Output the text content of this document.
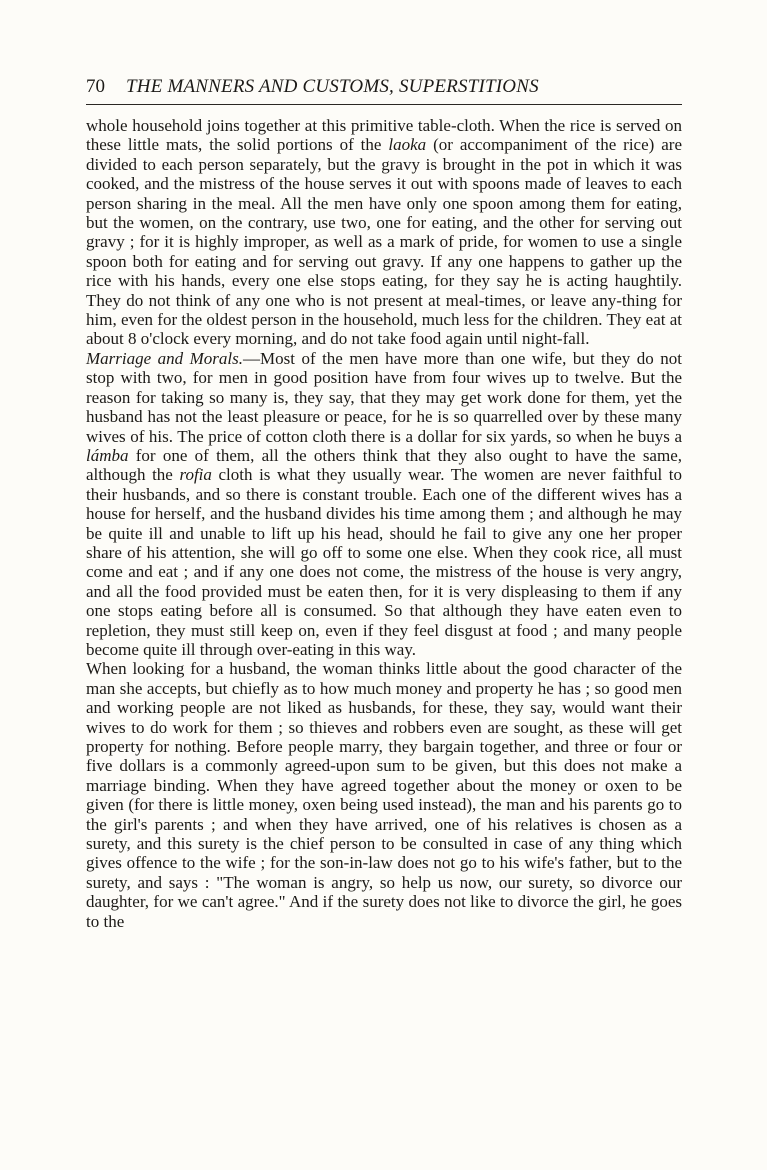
70	THE MANNERS AND CUSTOMS, SUPERSTITIONS

whole household joins together at this primitive table-cloth. When the rice is served on these little mats, the solid portions of the laoka (or accompaniment of the rice) are divided to each person separately, but the gravy is brought in the pot in which it was cooked, and the mistress of the house serves it out with spoons made of leaves to each person sharing in the meal. All the men have only one spoon among them for eating, but the women, on the contrary, use two, one for eating, and the other for serving out gravy ; for it is highly improper, as well as a mark of pride, for women to use a single spoon both for eating and for serving out gravy. If any one happens to gather up the rice with his hands, every one else stops eating, for they say he is acting haughtily. They do not think of any one who is not present at meal-times, or leave any-thing for him, even for the oldest person in the household, much less for the children. They eat at about 8 o'clock every morning, and do not take food again until night-fall.

Marriage and Morals.—Most of the men have more than one wife, but they do not stop with two, for men in good position have from four wives up to twelve. But the reason for taking so many is, they say, that they may get work done for them, yet the husband has not the least pleasure or peace, for he is so quarrelled over by these many wives of his. The price of cotton cloth there is a dollar for six yards, so when he buys a lámba for one of them, all the others think that they also ought to have the same, although the rofia cloth is what they usually wear. The women are never faithful to their husbands, and so there is constant trouble. Each one of the different wives has a house for herself, and the husband divides his time among them ; and although he may be quite ill and unable to lift up his head, should he fail to give any one her proper share of his attention, she will go off to some one else. When they cook rice, all must come and eat ; and if any one does not come, the mistress of the house is very angry, and all the food provided must be eaten then, for it is very displeasing to them if any one stops eating before all is consumed. So that although they have eaten even to repletion, they must still keep on, even if they feel disgust at food ; and many people become quite ill through over-eating in this way.

When looking for a husband, the woman thinks little about the good character of the man she accepts, but chiefly as to how much money and property he has ; so good men and working people are not liked as husbands, for these, they say, would want their wives to do work for them ; so thieves and robbers even are sought, as these will get property for nothing. Before people marry, they bargain together, and three or four or five dollars is a commonly agreed-upon sum to be given, but this does not make a marriage binding. When they have agreed together about the money or oxen to be given (for there is little money, oxen being used instead), the man and his parents go to the girl's parents ; and when they have arrived, one of his relatives is chosen as a surety, and this surety is the chief person to be consulted in case of any thing which gives offence to the wife ; for the son-in-law does not go to his wife's father, but to the surety, and says : "The woman is angry, so help us now, our surety, so divorce our daughter, for we can't agree." And if the surety does not like to divorce the girl, he goes to the
